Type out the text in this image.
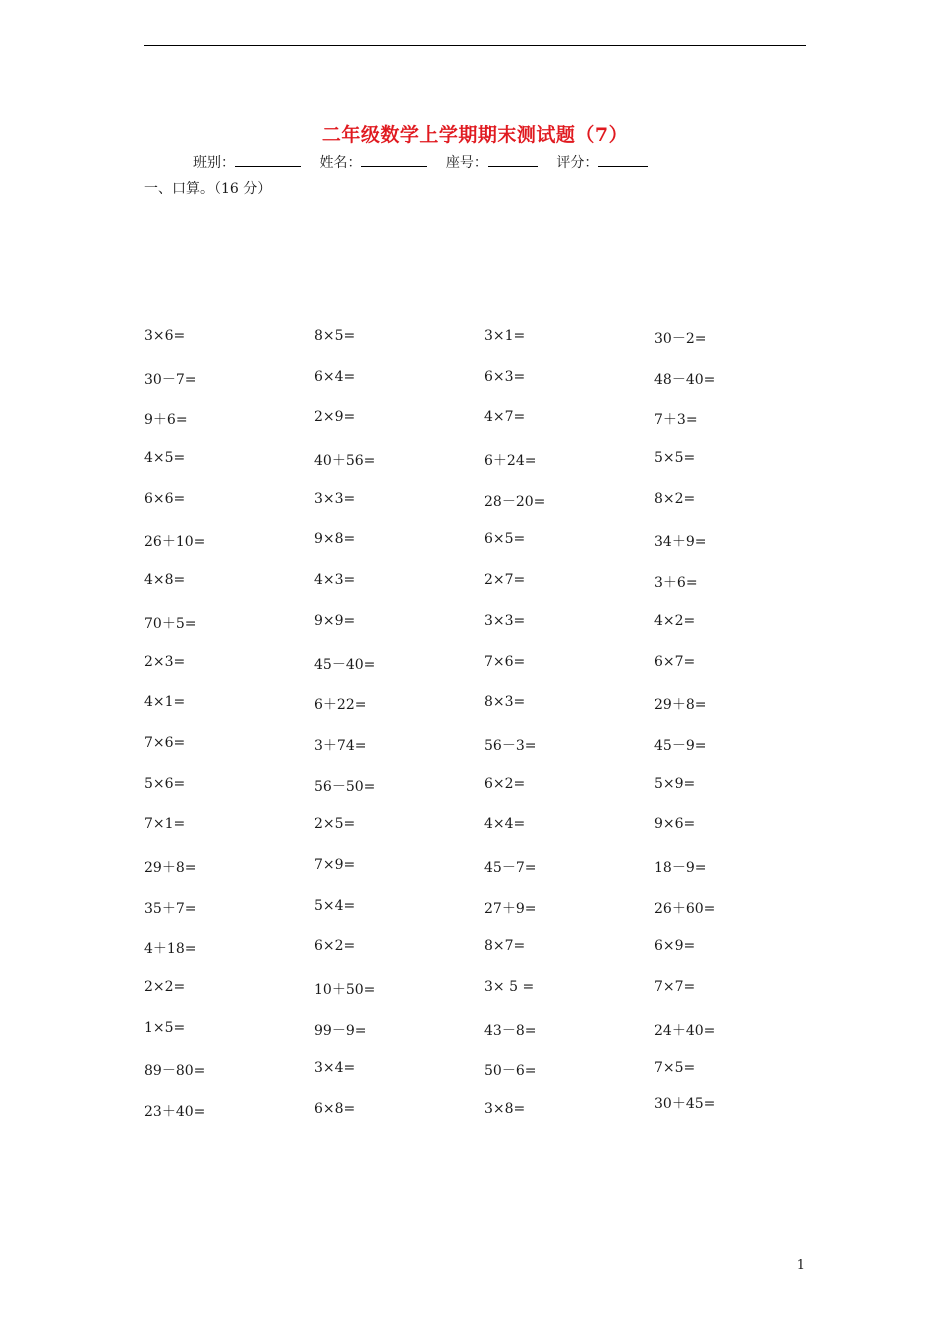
二年级数学上学期期末测试题（7）
班别：	姓名：	座号：	评分：
一、口算。（16 分）
3×6=	8×5=	3×1=	30－2=
30－7=	6×4=	6×3=	48－40=
9＋6=	2×9=	4×7=	7＋3=
4×5=	40＋56=	6＋24=	5×5=
6×6=	3×3=	28－20=	8×2=
26＋10=	9×8=	6×5=	34＋9=
4×8=	4×3=	2×7=	3＋6=
70＋5=	9×9=	3×3=	4×2=
2×3=	45－40=	7×6=	6×7=
4×1=	6＋22=	8×3=	29＋8=
7×6=	3＋74=	56－3=	45－9=
5×6=	56－50=	6×2=	5×9=
7×1=	2×5=	4×4=	9×6=
29＋8=	7×9=	45－7=	18－9=
35＋7=	5×4=	27＋9=	26＋60=
4＋18=	6×2=	8×7=	6×9=
2×2=	10＋50=	3× 5 =	7×7=
1×5=	99－9=	43－8=	24＋40=
89－80=	3×4=	50－6=	7×5=
23＋40=	6×8=	3×8=	30＋45=
1
